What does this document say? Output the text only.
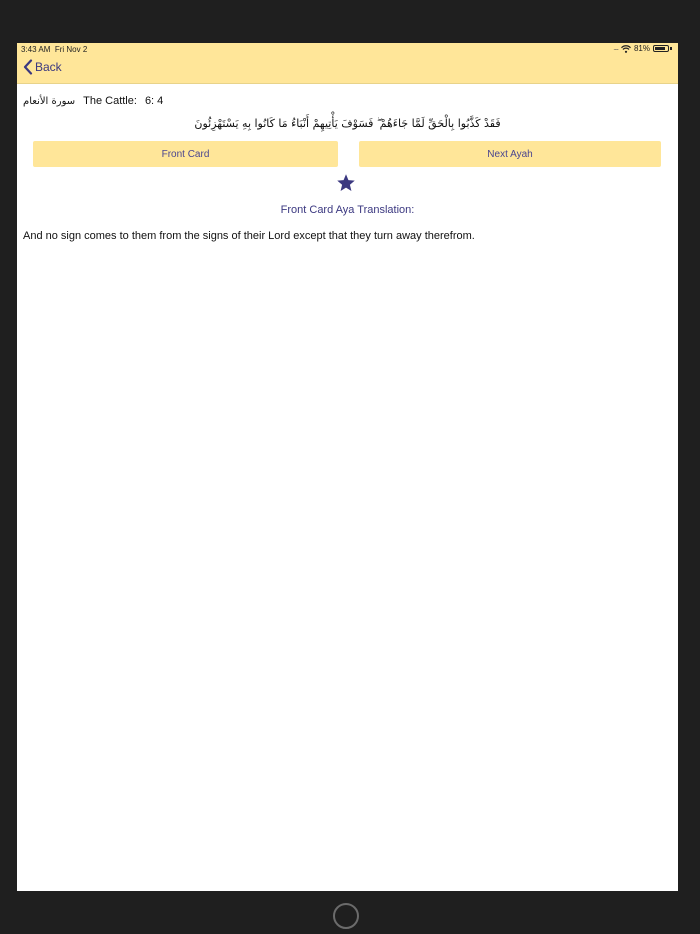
3:43 AM Fri Nov 2	..... 81%
Back
سورة الأنعام The Cattle: 6: 4
فَقَدْ كَذَّبُوا بِالْحَقِّ لَمَّا جَاءَهُمْ ۖ فَسَوْفَ يَأْتِيهِمْ أَنْبَاءُ مَا كَانُوا بِهِ يَسْتَهْزِئُونَ
Front Card	Next Ayah
Front Card Aya Translation:
And no sign comes to them from the signs of their Lord except that they turn away therefrom.
